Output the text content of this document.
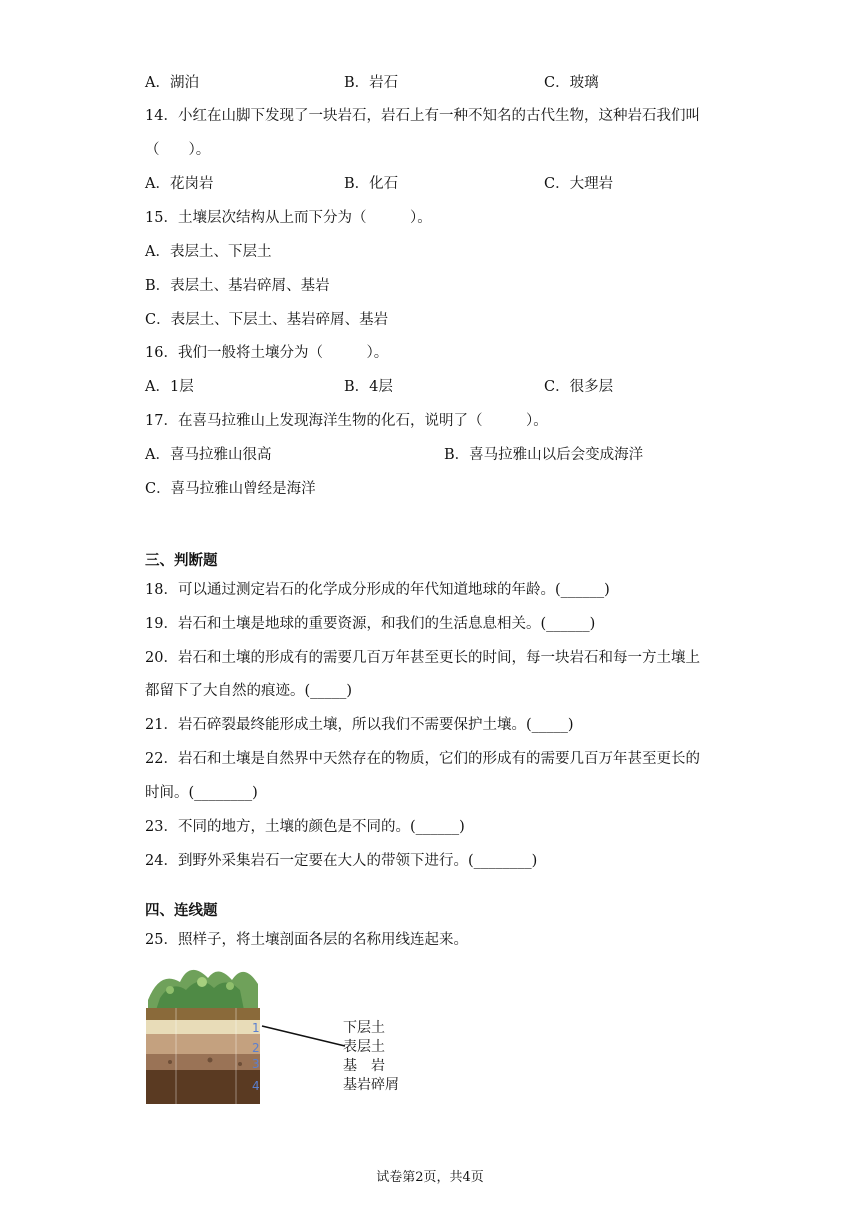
A．湖泊	B．岩石	C．玻璃
14．小红在山脚下发现了一块岩石，岩石上有一种不知名的古代生物，这种岩石我们叫
（　　）。
A．花岗岩	B．化石	C．大理岩
15．土壤层次结构从上而下分为（　　　）。
A．表层土、下层土
B．表层土、基岩碎屑、基岩
C．表层土、下层土、基岩碎屑、基岩
16．我们一般将土壤分为（　　　）。
A．1层	B．4层	C．很多层
17．在喜马拉雅山上发现海洋生物的化石，说明了（　　　）。
A．喜马拉雅山很高	B．喜马拉雅山以后会变成海洋
C．喜马拉雅山曾经是海洋
三、判断题
18．可以通过测定岩石的化学成分形成的年代知道地球的年龄。(______)
19．岩石和土壤是地球的重要资源，和我们的生活息息相关。(______)
20．岩石和土壤的形成有的需要几百万年甚至更长的时间，每一块岩石和每一方土壤上
都留下了大自然的痕迹。(_____)
21．岩石碎裂最终能形成土壤，所以我们不需要保护土壤。(_____)
22．岩石和土壤是自然界中天然存在的物质，它们的形成有的需要几百万年甚至更长的
时间。(________)
23．不同的地方，土壤的颜色是不同的。(______)
24．到野外采集岩石一定要在大人的带领下进行。(________)
四、连线题
25．照样子，将土壤剖面各层的名称用线连起来。
1
2
3
4
下层土
表层土
基　岩
基岩碎屑
试卷第2页，共4页
